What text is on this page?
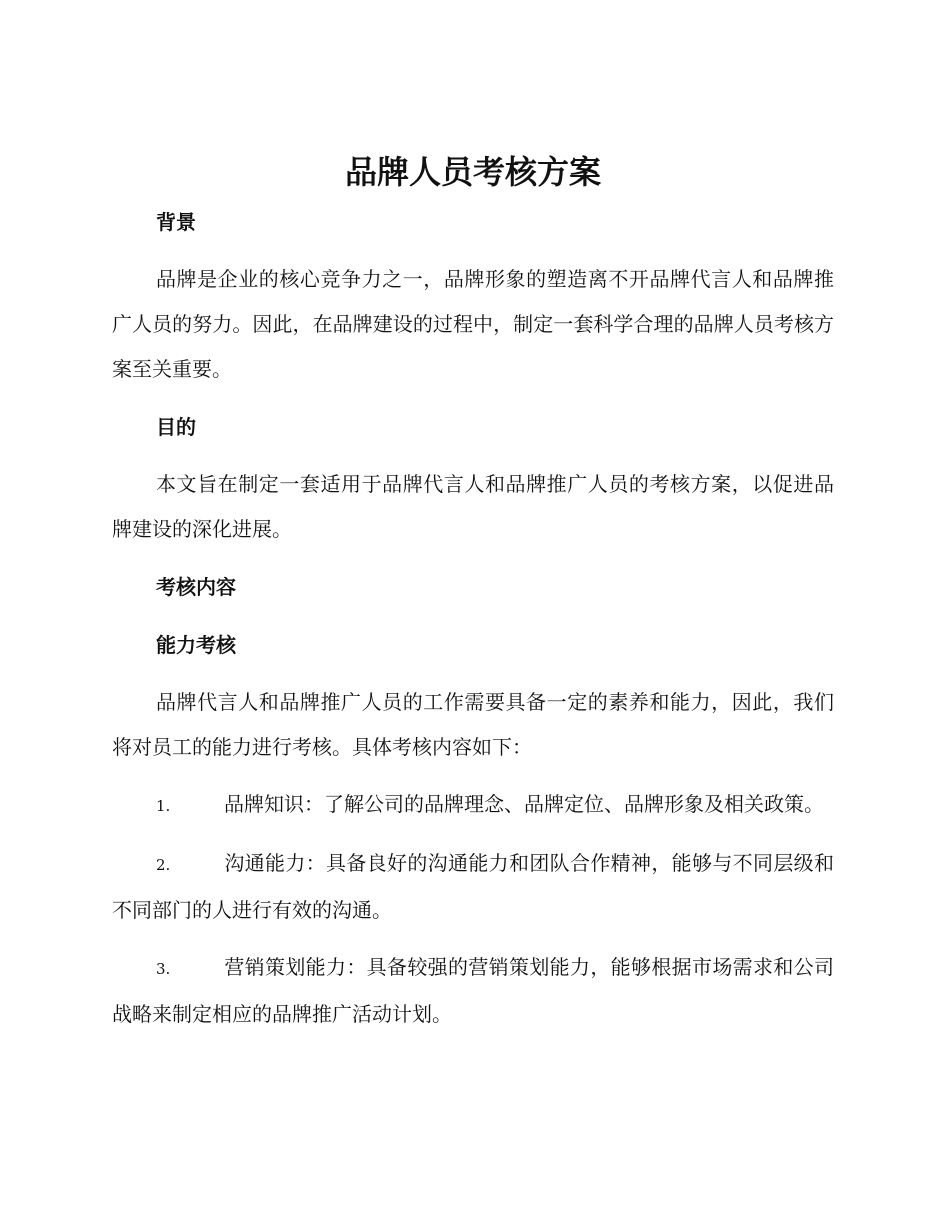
品牌人员考核方案
背景

品牌是企业的核心竞争力之一，品牌形象的塑造离不开品牌代言人和品牌推广人员的努力。因此，在品牌建设的过程中，制定一套科学合理的品牌人员考核方案至关重要。

目的

本文旨在制定一套适用于品牌代言人和品牌推广人员的考核方案，以促进品牌建设的深化进展。

考核内容
能力考核

品牌代言人和品牌推广人员的工作需要具备一定的素养和能力，因此，我们将对员工的能力进行考核。具体考核内容如下：

1.	品牌知识：了解公司的品牌理念、品牌定位、品牌形象及相关政策。

2.	沟通能力：具备良好的沟通能力和团队合作精神，能够与不同层级和不同部门的人进行有效的沟通。

3.	营销策划能力：具备较强的营销策划能力，能够根据市场需求和公司战略来制定相应的品牌推广活动计划。
